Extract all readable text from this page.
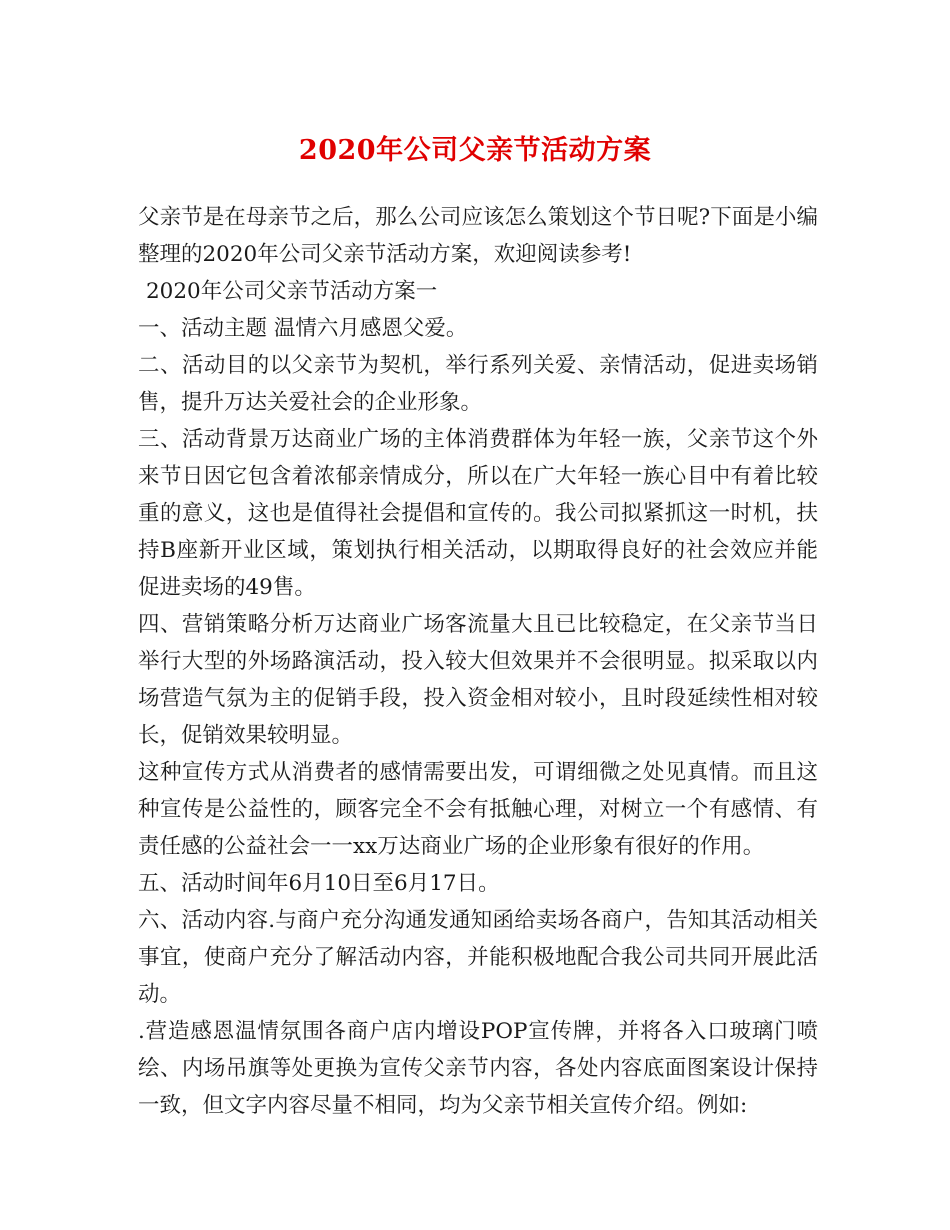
2020年公司父亲节活动方案

父亲节是在母亲节之后，那么公司应该怎么策划这个节日呢?下面是小编整理的2020年公司父亲节活动方案，欢迎阅读参考!

2020年公司父亲节活动方案一

一、活动主题 温情六月感恩父爱。

二、活动目的以父亲节为契机，举行系列关爱、亲情活动，促进卖场销售，提升万达关爱社会的企业形象。

三、活动背景万达商业广场的主体消费群体为年轻一族，父亲节这个外来节日因它包含着浓郁亲情成分，所以在广大年轻一族心目中有着比较重的意义，这也是值得社会提倡和宣传的。我公司拟紧抓这一时机，扶持B座新开业区域，策划执行相关活动，以期取得良好的社会效应并能促进卖场的49售。

四、营销策略分析万达商业广场客流量大且已比较稳定，在父亲节当日举行大型的外场路演活动，投入较大但效果并不会很明显。拟采取以内场营造气氛为主的促销手段，投入资金相对较小，且时段延续性相对较长，促销效果较明显。

这种宣传方式从消费者的感情需要出发，可谓细微之处见真情。而且这种宣传是公益性的，顾客完全不会有抵触心理，对树立一个有感情、有责任感的公益社会一一xx万达商业广场的企业形象有很好的作用。

五、活动时间年6月10日至6月17日。

六、活动内容.与商户充分沟通发通知函给卖场各商户，告知其活动相关事宜，使商户充分了解活动内容，并能积极地配合我公司共同开展此活动。

.营造感恩温情氛围各商户店内增设POP宣传牌，并将各入口玻璃门喷绘、内场吊旗等处更换为宣传父亲节内容，各处内容底面图案设计保持一致，但文字内容尽量不相同，均为父亲节相关宣传介绍。例如:
